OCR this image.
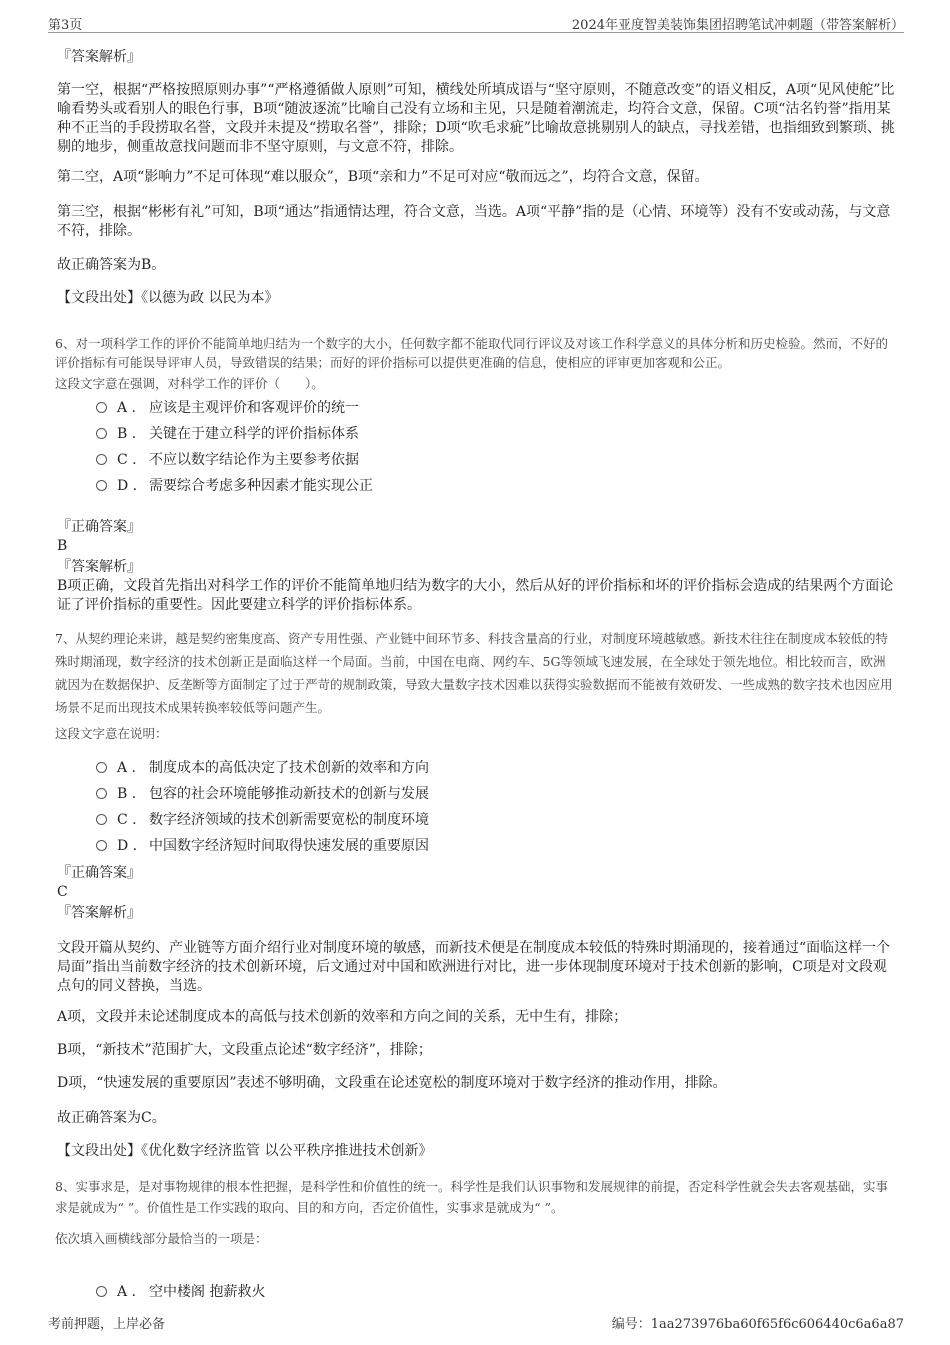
第3页	2024年亚度智美装饰集团招聘笔试冲刺题（带答案解析）

『答案解析』

第一空，根据“严格按照原则办事”“严格遵循做人原则”可知，横线处所填成语与“坚守原则，不随意改变”的语义相反，A项“见风使舵”比喻看势头或看别人的眼色行事，B项“随波逐流”比喻自己没有立场和主见，只是随着潮流走，均符合文意，保留。C项“沽名钓誉”指用某种不正当的手段捞取名誉，文段并未提及“捞取名誉”，排除；D项“吹毛求疵”比喻故意挑剔别人的缺点，寻找差错，也指细致到繁琐、挑剔的地步，侧重故意找问题而非不坚守原则，与文意不符，排除。

第二空，A项“影响力”不足可体现“难以服众”，B项“亲和力”不足可对应“敬而远之”，均符合文意，保留。

第三空，根据“彬彬有礼”可知，B项“通达”指通情达理，符合文意，当选。A项“平静”指的是（心情、环境等）没有不安或动荡，与文意不符，排除。

故正确答案为B。

【文段出处】《以德为政 以民为本》

6、对一项科学工作的评价不能简单地归结为一个数字的大小，任何数字都不能取代同行评议及对该工作科学意义的具体分析和历史检验。然而，不好的评价指标有可能误导评审人员，导致错误的结果；而好的评价指标可以提供更准确的信息，使相应的评审更加客观和公正。

这段文字意在强调，对科学工作的评价（　　）。

A . 应该是主观评价和客观评价的统一
B . 关键在于建立科学的评价指标体系
C . 不应以数字结论作为主要参考依据
D . 需要综合考虑多种因素才能实现公正

『正确答案』

B

『答案解析』

B项正确，文段首先指出对科学工作的评价不能简单地归结为数字的大小，然后从好的评价指标和坏的评价指标会造成的结果两个方面论证了评价指标的重要性。因此要建立科学的评价指标体系。

7、从契约理论来讲，越是契约密集度高、资产专用性强、产业链中间环节多、科技含量高的行业，对制度环境越敏感。新技术往往在制度成本较低的特殊时期涌现，数字经济的技术创新正是面临这样一个局面。当前，中国在电商、网约车、5G等领域飞速发展，在全球处于领先地位。相比较而言，欧洲就因为在数据保护、反垄断等方面制定了过于严苛的规制政策，导致大量数字技术因难以获得实验数据而不能被有效研发、一些成熟的数字技术也因应用场景不足而出现技术成果转换率较低等问题产生。

这段文字意在说明：

A . 制度成本的高低决定了技术创新的效率和方向
B . 包容的社会环境能够推动新技术的创新与发展
C . 数字经济领域的技术创新需要宽松的制度环境
D . 中国数字经济短时间取得快速发展的重要原因

『正确答案』

C

『答案解析』

文段开篇从契约、产业链等方面介绍行业对制度环境的敏感，而新技术便是在制度成本较低的特殊时期涌现的，接着通过“面临这样一个局面”指出当前数字经济的技术创新环境，后文通过对中国和欧洲进行对比，进一步体现制度环境对于技术创新的影响，C项是对文段观点句的同义替换，当选。

A项，文段并未论述制度成本的高低与技术创新的效率和方向之间的关系，无中生有，排除；

B项，“新技术”范围扩大，文段重点论述“数字经济”，排除；

D项，“快速发展的重要原因”表述不够明确，文段重在论述宽松的制度环境对于数字经济的推动作用，排除。

故正确答案为C。

【文段出处】《优化数字经济监管 以公平秩序推进技术创新》

8、实事求是，是对事物规律的根本性把握，是科学性和价值性的统一。科学性是我们认识事物和发展规律的前提，否定科学性就会失去客观基础，实事求是就成为“ ”。价值性是工作实践的取向、目的和方向，否定价值性，实事求是就成为“ ”。

依次填入画横线部分最恰当的一项是：

A . 空中楼阁 抱薪救火
考前押题，上岸必备	编号：1aa273976ba60f65f6c606440c6a6a87
